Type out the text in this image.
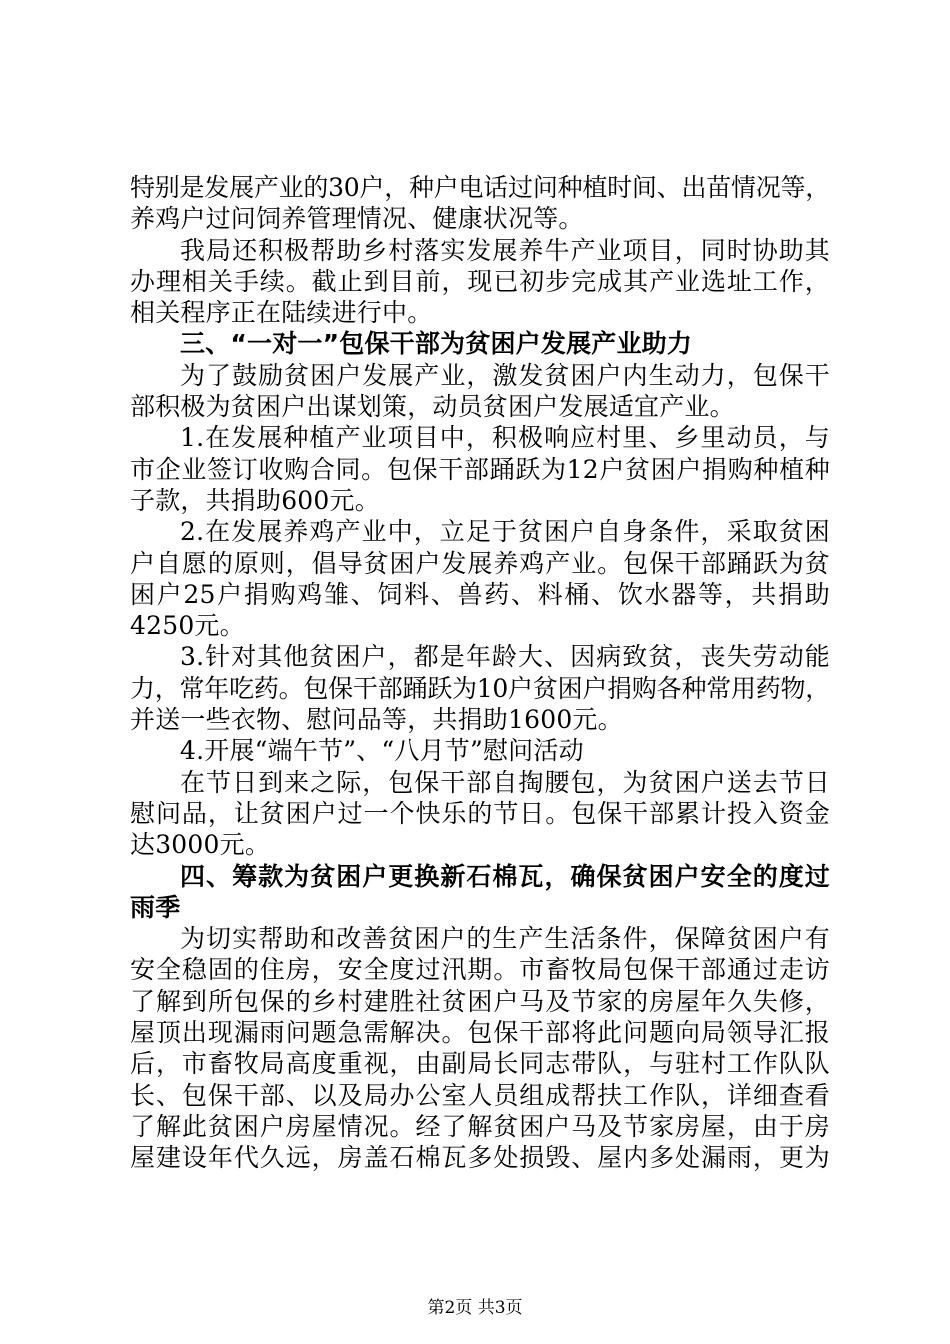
特别是发展产业的30户，种户电话过问种植时间、出苗情况等，
养鸡户过问饲养管理情况、健康状况等。
我局还积极帮助乡村落实发展养牛产业项目，同时协助其
办理相关手续。截止到目前，现已初步完成其产业选址工作，
相关程序正在陆续进行中。
三、“一对一”包保干部为贫困户发展产业助力
为了鼓励贫困户发展产业，激发贫困户内生动力，包保干
部积极为贫困户出谋划策，动员贫困户发展适宜产业。
1.在发展种植产业项目中，积极响应村里、乡里动员，与
市企业签订收购合同。包保干部踊跃为12户贫困户捐购种植种
子款，共捐助600元。
2.在发展养鸡产业中，立足于贫困户自身条件，采取贫困
户自愿的原则，倡导贫困户发展养鸡产业。包保干部踊跃为贫
困户25户捐购鸡雏、饲料、兽药、料桶、饮水器等，共捐助
4250元。
3.针对其他贫困户，都是年龄大、因病致贫，丧失劳动能
力，常年吃药。包保干部踊跃为10户贫困户捐购各种常用药物，
并送一些衣物、慰问品等，共捐助1600元。
4.开展“端午节”、“八月节”慰问活动
在节日到来之际，包保干部自掏腰包，为贫困户送去节日
慰问品，让贫困户过一个快乐的节日。包保干部累计投入资金
达3000元。
四、筹款为贫困户更换新石棉瓦，确保贫困户安全的度过
雨季
为切实帮助和改善贫困户的生产生活条件，保障贫困户有
安全稳固的住房，安全度过汛期。市畜牧局包保干部通过走访
了解到所包保的乡村建胜社贫困户马及节家的房屋年久失修，
屋顶出现漏雨问题急需解决。包保干部将此问题向局领导汇报
后，市畜牧局高度重视，由副局长同志带队，与驻村工作队队
长、包保干部、以及局办公室人员组成帮扶工作队，详细查看
了解此贫困户房屋情况。经了解贫困户马及节家房屋，由于房
屋建设年代久远，房盖石棉瓦多处损毁、屋内多处漏雨，更为
第2页 共3页
